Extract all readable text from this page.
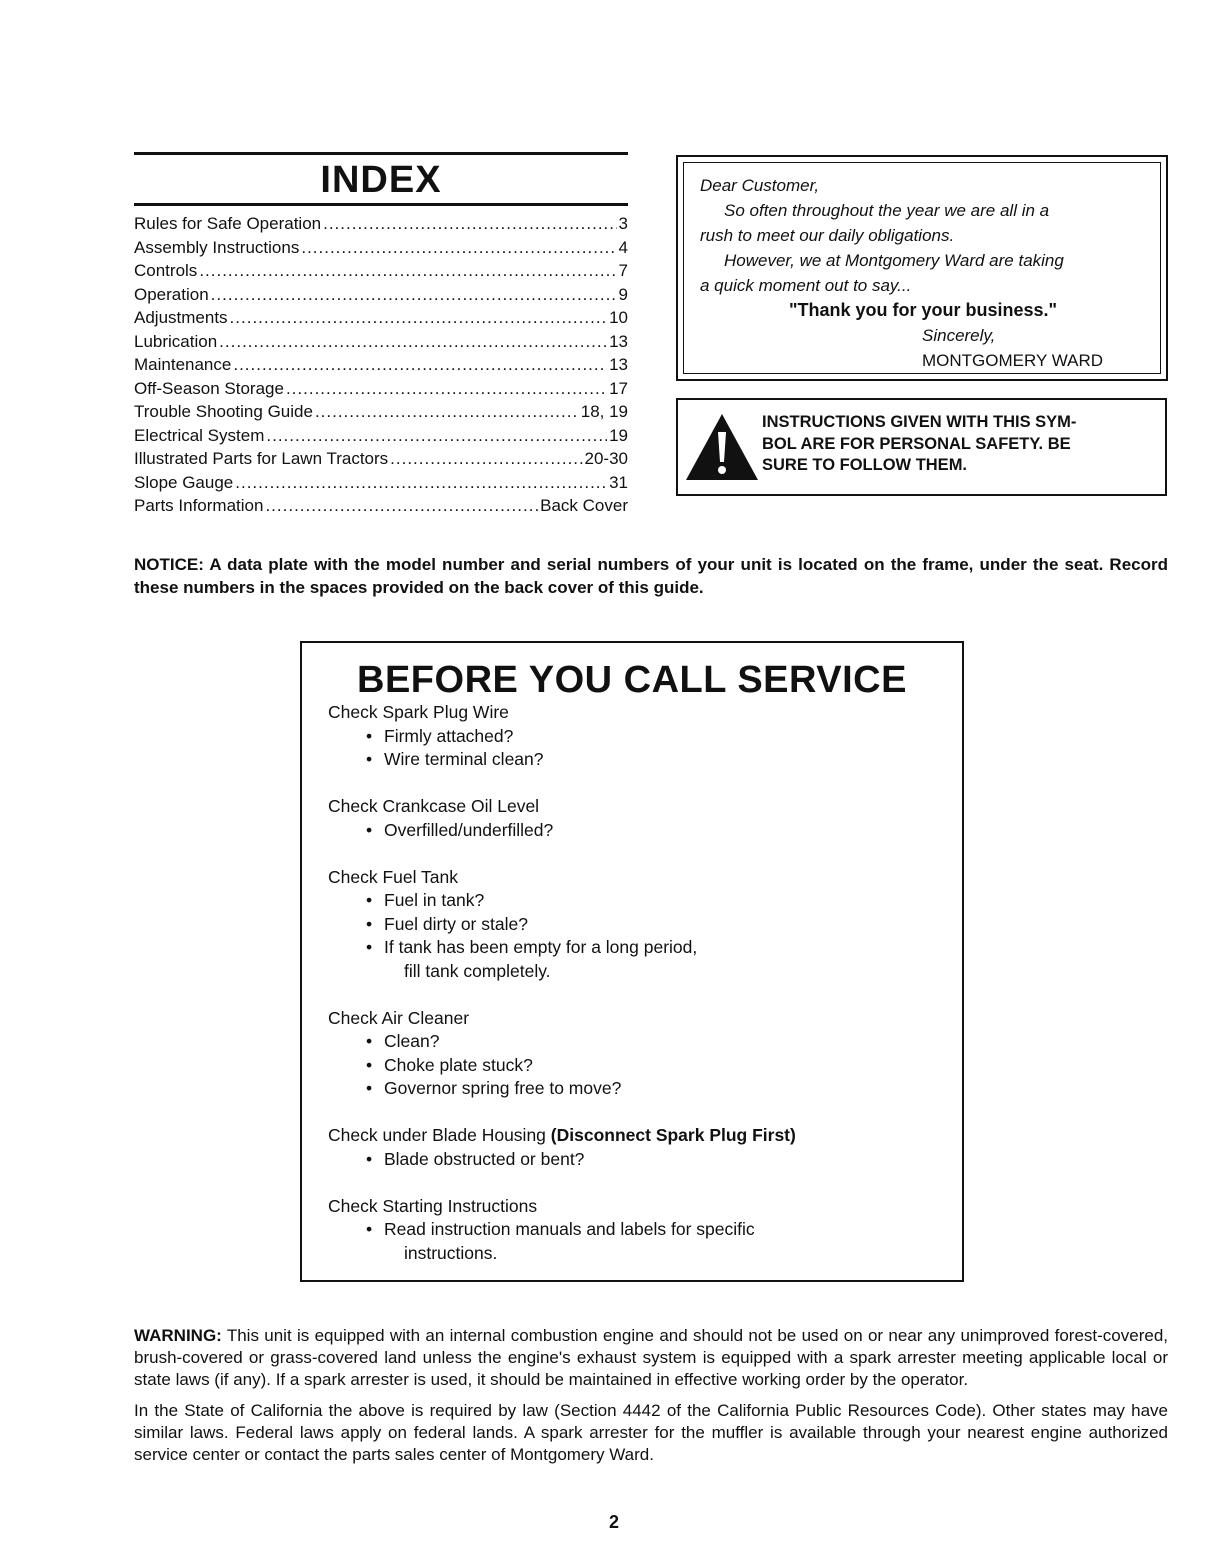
INDEX
Rules for Safe Operation .....	3
Assembly Instructions .....	4
Controls .....	7
Operation .....	9
Adjustments .....	10
Lubrication .....	13
Maintenance .....	13
Off-Season Storage .....	17
Trouble Shooting Guide .....	18, 19
Electrical System .....	19
Illustrated Parts for Lawn Tractors .....	20-30
Slope Gauge .....	31
Parts Information .....	Back Cover
Dear Customer,
So often throughout the year we are all in a
rush to meet our daily obligations.
However, we at Montgomery Ward are taking
a quick moment out to say...
"Thank you for your business."
Sincerely,
MONTGOMERY WARD
INSTRUCTIONS GIVEN WITH THIS SYM-
BOL ARE FOR PERSONAL SAFETY. BE
SURE TO FOLLOW THEM.
NOTICE: A data plate with the model number and serial numbers of your unit is located on the frame, under the seat. Record these numbers in the spaces provided on the back cover of this guide.
BEFORE YOU CALL SERVICE
Check Spark Plug Wire
• Firmly attached?
• Wire terminal clean?
Check Crankcase Oil Level
• Overfilled/underfilled?
Check Fuel Tank
• Fuel in tank?
• Fuel dirty or stale?
• If tank has been empty for a long period,
fill tank completely.
Check Air Cleaner
• Clean?
• Choke plate stuck?
• Governor spring free to move?
Check under Blade Housing (Disconnect Spark Plug First)
• Blade obstructed or bent?
Check Starting Instructions
• Read instruction manuals and labels for specific
instructions.

WARNING: This unit is equipped with an internal combustion engine and should not be used on or near any unimproved forest-covered, brush-covered or grass-covered land unless the engine's exhaust system is equipped with a spark arrester meeting applicable local or state laws (if any). If a spark arrester is used, it should be maintained in effective working order by the operator.

In the State of California the above is required by law (Section 4442 of the California Public Resources Code). Other states may have similar laws. Federal laws apply on federal lands. A spark arrester for the muffler is available through your nearest engine authorized service center or contact the parts sales center of Montgomery Ward.

2
